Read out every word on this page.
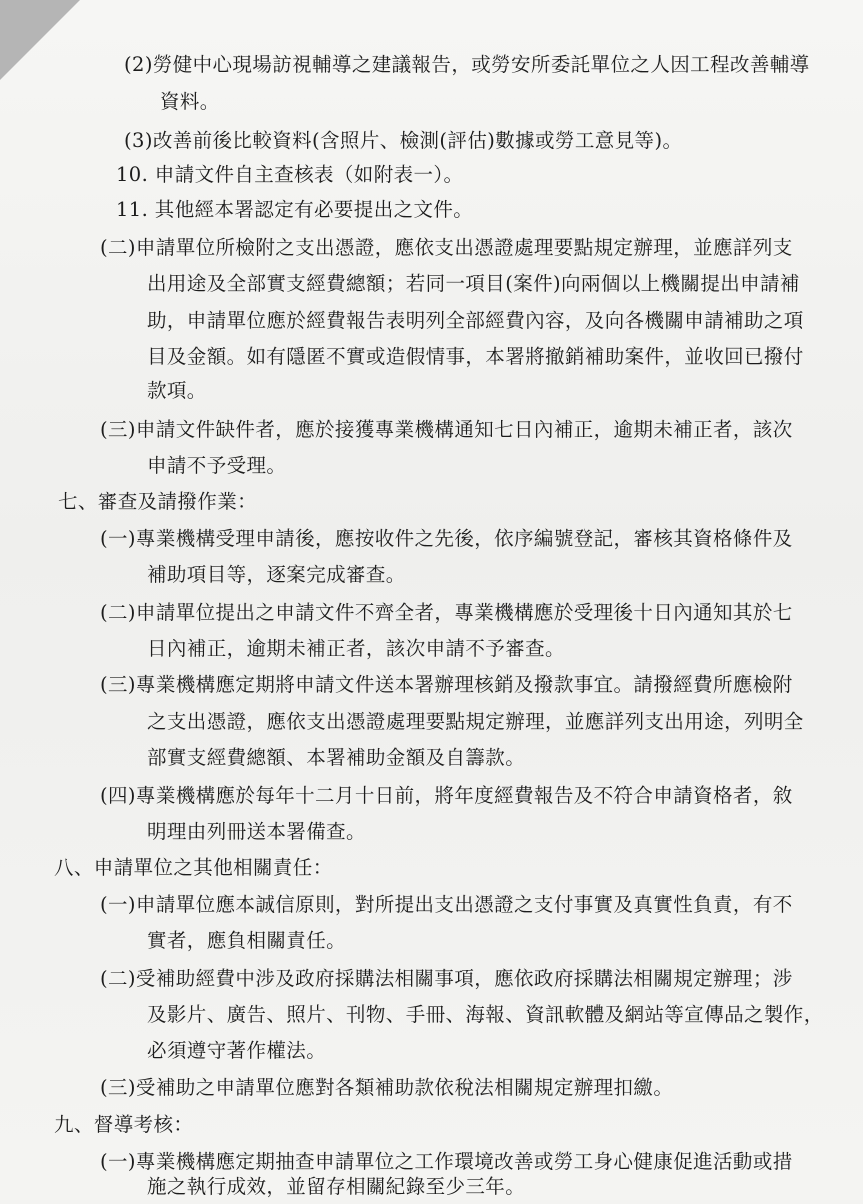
(2)勞健中心現場訪視輔導之建議報告，或勞安所委託單位之人因工程改善輔導
資料。
(3)改善前後比較資料(含照片、檢測(評估)數據或勞工意見等)。
10. 申請文件自主查核表（如附表一）。
11. 其他經本署認定有必要提出之文件。
(二)申請單位所檢附之支出憑證，應依支出憑證處理要點規定辦理，並應詳列支
出用途及全部實支經費總額；若同一項目(案件)向兩個以上機關提出申請補
助，申請單位應於經費報告表明列全部經費內容，及向各機關申請補助之項
目及金額。如有隱匿不實或造假情事，本署將撤銷補助案件，並收回已撥付
款項。
(三)申請文件缺件者，應於接獲專業機構通知七日內補正，逾期未補正者，該次
申請不予受理。
七、審查及請撥作業：
(一)專業機構受理申請後，應按收件之先後，依序編號登記，審核其資格條件及
補助項目等，逐案完成審查。
(二)申請單位提出之申請文件不齊全者，專業機構應於受理後十日內通知其於七
日內補正，逾期未補正者，該次申請不予審查。
(三)專業機構應定期將申請文件送本署辦理核銷及撥款事宜。請撥經費所應檢附
之支出憑證，應依支出憑證處理要點規定辦理，並應詳列支出用途，列明全
部實支經費總額、本署補助金額及自籌款。
(四)專業機構應於每年十二月十日前，將年度經費報告及不符合申請資格者，敘
明理由列冊送本署備查。
八、申請單位之其他相關責任：
(一)申請單位應本誠信原則，對所提出支出憑證之支付事實及真實性負責，有不
實者，應負相關責任。
(二)受補助經費中涉及政府採購法相關事項，應依政府採購法相關規定辦理；涉
及影片、廣告、照片、刊物、手冊、海報、資訊軟體及網站等宣傳品之製作，
必須遵守著作權法。
(三)受補助之申請單位應對各類補助款依稅法相關規定辦理扣繳。
九、督導考核：
(一)專業機構應定期抽查申請單位之工作環境改善或勞工身心健康促進活動或措
施之執行成效，並留存相關紀錄至少三年。
